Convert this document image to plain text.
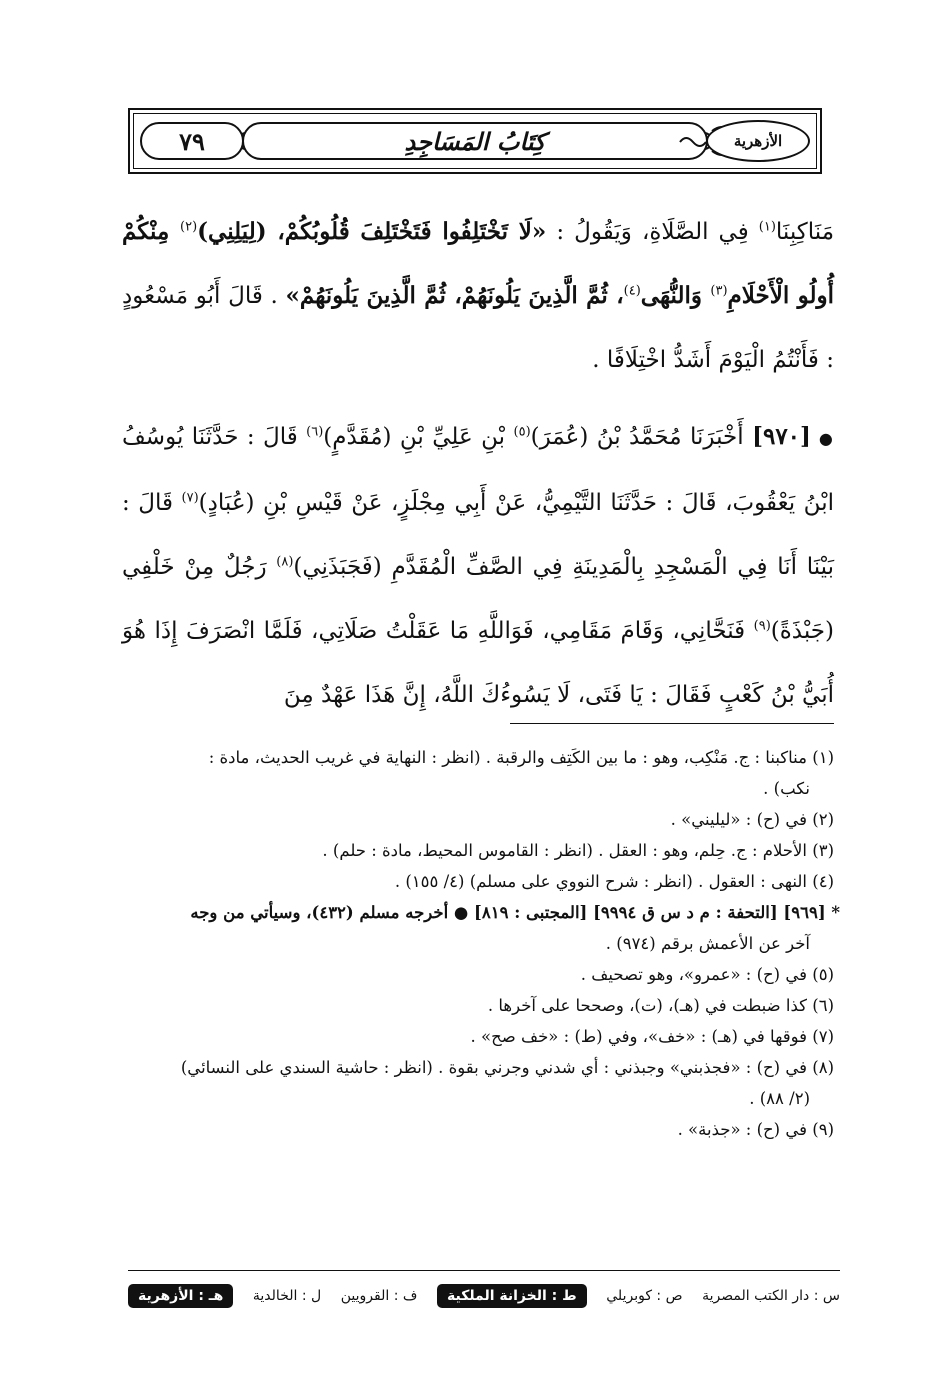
٧٩	كِتَابُ المَسَاجِدِ	الأزهرية

مَنَاكِبِنَا$^{(١)}$ فِي الصَّلَاةِ، وَيَقُولُ : «لَا تَخْتَلِفُوا فَتَخْتَلِفَ قُلُوبُكُمْ، (لِيَلِنِي)$^{(٢)}$ مِنْكُمْ أُولُو الْأَحْلَامِ$^{(٣)}$ وَالنُّهَى$^{(٤)}$، ثُمَّ الَّذِينَ يَلُونَهُمْ، ثُمَّ الَّذِينَ يَلُونَهُمْ» . قَالَ أَبُو مَسْعُودٍ : فَأَنْتُمُ الْيَوْمَ أَشَدُّ اخْتِلَافًا .

●[٩٧٠] أَخْبَرَنَا مُحَمَّدُ بْنُ (عُمَرَ)$^{(٥)}$ بْنِ عَلِيِّ بْنِ (مُقَدَّمٍ)$^{(٦)}$ قَالَ : حَدَّثَنَا يُوسُفُ ابْنُ يَعْقُوبَ، قَالَ : حَدَّثَنَا التَّيْمِيُّ، عَنْ أَبِي مِجْلَزٍ، عَنْ قَيْسِ بْنِ (عُبَادٍ)$^{(٧)}$ قَالَ : بَيْنَا أَنَا فِي الْمَسْجِدِ بِالْمَدِينَةِ فِي الصَّفِّ الْمُقَدَّمِ (فَجَبَذَنِي)$^{(٨)}$ رَجُلٌ مِنْ خَلْفِي (جَبْذَةً)$^{(٩)}$ فَنَحَّانِي، وَقَامَ مَقَامِي، فَوَاللَّهِ مَا عَقَلْتُ صَلَاتِي، فَلَمَّا انْصَرَفَ إِذَا هُوَ أُبَيُّ بْنُ كَعْبٍ فَقَالَ : يَا فَتَى، لَا يَسُوءُكَ اللَّهُ، إِنَّ هَذَا عَهْدٌ مِنَ

(١) مناكبنا : ج. مَنْكِب، وهو : ما بين الكَتِف والرقبة . (انظر : النهاية في غريب الحديث، مادة :

نكب) .

(٢) في (ح) : «ليليني» .

(٣) الأحلام : ج. حِلم، وهو : العقل . (انظر : القاموس المحيط، مادة : حلم) .

(٤) النهى : العقول . (انظر : شرح النووي على مسلم) (٤/ ١٥٥) .

* [٩٦٩] [التحفة : م د س ق ٩٩٩٤] [المجتبى : ٨١٩] ● أخرجه مسلم (٤٣٢)، وسيأتي من وجه

آخر عن الأعمش برقم (٩٧٤) .

(٥) في (ح) : «عمرو»، وهو تصحيف .

(٦) كذا ضبطت في (هـ)، (ت)، وصححا على آخرها .

(٧) فوقها في (هـ) : «خف»، وفي (ط) : «خف صح» .

(٨) في (ح) : «فجذبني» وجبذني : أي شدني وجرني بقوة . (انظر : حاشية السندي على النسائي)

(٢/ ٨٨) .

(٩) في (ح) : «جذبة» .

س : دار الكتب المصرية
ص : كوبريلي
ط : الخزانة الملكية
ف : القرويين
ل : الخالدية
هـ : الأزهرية
